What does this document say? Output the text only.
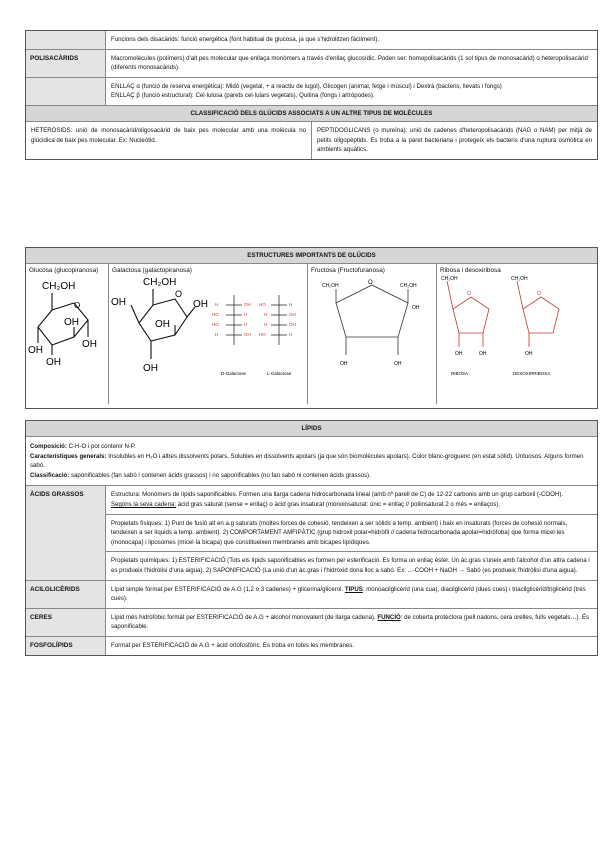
Funcions dels disacàrids: funció energètica (font habitual de glucosa, ja que s'hidrolitzen fàcilment).
POLISACÀRIDS	Macromolècules (polímers) d'alt pes molecular que enllaça monòmers a través d'enllaç glucosídic. Poden ser: homopolisacàrids (1 sol tipus de monosacàrid) o heteropolisacàrid (diferents monosacàrids).
ENLLAÇ α (funció de reserva energètica): Midó (vegetal, + a reactiu de lugol), Glicogen (animal, fetge i múscul) i Dextrà (bacteris, llevats i fongs)
ENLLAÇ β (funció estructural): Cel·lulosa (parets cel·lulars vegetals), Quitina (fongs i artròpodes).
CLASSIFICACIÓ DELS GLÚCIDS ASSOCIATS A UN ALTRE TIPUS DE MOLÈCULES
HETERÒSIDS: unió de monosacàrid/oligosacàrid de baix pes molecular amb una molècula no glúcidica de baix pes molecular. Ex: Nucleòtid.
PEPTIDOGLICANS (o mureïna): unió de cadenes d'heteropolisacàrids (NAG o NAM) per mitjà de petits oligopèptids. Es troba a la paret bacteriana i protegeix els bacteris d'una ruptura osmòtica en ambients aquàtics.
ESTRUCTURES IMPORTANTS DE GLÚCIDS
Glucosa (glucopiranosa)
CH₂OH
O
OH
OH
OH
OH
Galactosa (galactopiranosa)
CH₂OH
O
OH	OH
OH
OH
H	OH
HO	H
HO	H
H	OH
HO	H
H	OH
H	OH
HO	H
D-Galactose	L-Galactose
Fructosa (Fructofuranosa)
O
CH₂OH	CH₂OH
OH
OH	OH
Ribosa i desoxiribosa
O	O
CH₂OH	CH₂OH
OH	OH	OH
RIBOSA	DESOXIRRIBOSA
LÍPIDS
Composició: C-H-O i pot contenir N-P.
Característiques generals: Insolubles en H₂O i altres dissolvents polars. Solubles en dissolvents apolars (ja que són biomolècules apolars). Color blanc-groguenc (en estat sòlid). Untuosos. Alguns formen sabó.
Classificació: saponificables (fan sabó i contenen àcids grassos) i no saponificables (no fan sabó ni contenen àcids grassos).
ÀCIDS GRASSOS	Estructura: Monòmers de lípids saponificables. Formen una llarga cadena hidrocarbonada lineal (amb nº parell de C) de 12-22 carbonis amb un grup carboxil (-COOH).
Segons la seva cadena: àcid gras saturat (sense = enllaç) o àcid gras insaturat (monoinsaturat: únic = enllaç // poliinsaturat 2 o més = enllaços).
Propietats físiques: 1) Punt de fusió alt en a.g saturats (moltes forces de cohesió, tendeixen a ser sòlids a temp. ambient) i baix en insaturats (forces de cohesió normals, tendeixen a ser líquids a temp. ambient). 2) COMPORTAMENT AMFIPÀTIC (grup hidroxil polar=hidròfil // cadena hidrocarbonada apolar=hidròfoba) que forma micel·les (monocapa) i liposomes (micel·la bicapa) que constitueixen membranes amb bicapes lipídiques.
Propietats químiques: 1) ESTERIFICACIÓ (Tots els lípids saponificables es formen per esterificació. Es forma un enllaç èster. Un àc.gras s'uneix amb l'alcohol d'un altra cadena i es produeix l'hidròlisi d'una aigua). 2) SAPONIFICACIÓ (La unió d'un àc.gras i l'hidròxid dona lloc a sabó. Ex: ...-COOH + NaOH → Sabó (es produeix l'hidròlisi d'una aigua).
ACILGLICÈRIDS	Lípid simple format per ESTERIFICACIÓ de A.G (1,2 o 3 cadenes) + glicerina/glicerol. TIPUS: monoacilglicèrid (una cua), diacilglicèrid (dues cues) i triacilglicèrid/triglicèrid (tres cues).
CERES	Lípid més hidròfòbic format per ESTERIFICACIÓ de A.G + alcohol monovalent (de llarga cadena). FUNCIÓ: de coberta protectora (pell nadons, cera orelles, fulls vegetals…). És saponificable.
FOSFOLÍPIDS	Format per ESTERIFICACIÓ de A.G + àcid ortofosfòric. Es troba en totes les membranes.
